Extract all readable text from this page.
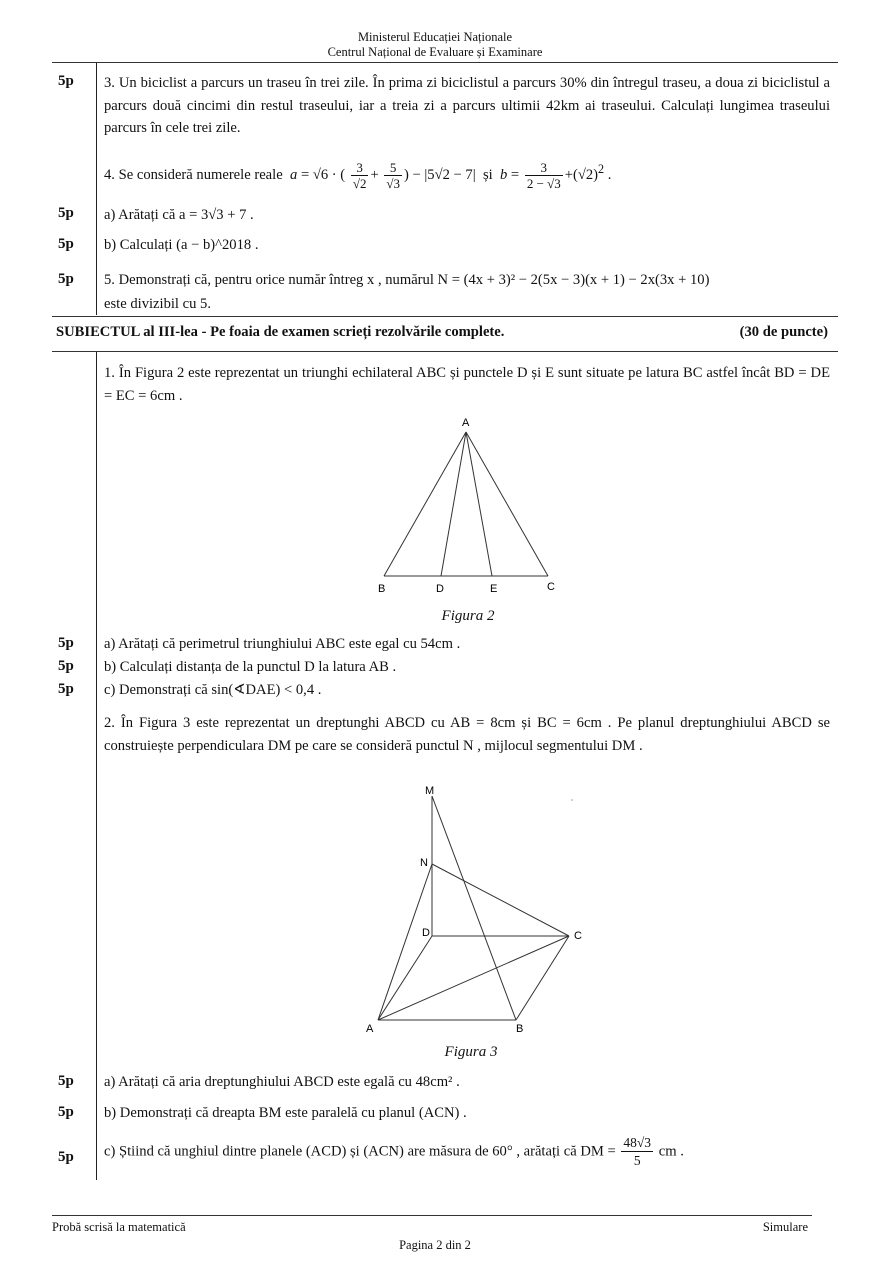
Ministerul Educației Naționale
Centrul Național de Evaluare și Examinare
5p	3. Un biciclist a parcurs un traseu în trei zile. În prima zi biciclistul a parcurs 30% din întregul traseu, a doua zi biciclistul a parcurs două cincimi din restul traseului, iar a treia zi a parcurs ultimii 42km ai traseului. Calculați lungimea traseului parcurs în cele trei zile.
4. Se consideră numerele reale a = √6 · ( $\frac{3}{√2} + \frac{5}{√3}$ ) − |5√2 − 7|  și $b = \frac{3}{2 - √3} +(√2)^2$ .
5p	a) Arătați că a = 3√3 + 7 .
5p	b) Calculați (a − b)^2018 .
5p	5. Demonstrați că, pentru orice număr întreg x , numărul N = (4x + 3)² − 2(5x − 3)(x + 1) − 2x(3x + 10)
este divizibil cu 5.
SUBIECTUL al III-lea - Pe foaia de examen scrieți rezolvările complete.	(30 de puncte)
1. În Figura 2 este reprezentat un triunghi echilateral ABC și punctele D și E sunt situate pe latura BC astfel încât BD = DE = EC = 6cm .
A
B	D	E	C
Figura 2
5p	a) Arătați că perimetrul triunghiului ABC este egal cu 54cm .
5p	b) Calculați distanța de la punctul D la latura AB .
5p	c) Demonstrați că sin(∢DAE) < 0,4 .
2. În Figura 3 este reprezentat un dreptunghi ABCD cu AB = 8cm și BC = 6cm . Pe planul dreptunghiului ABCD se construiește perpendiculara DM pe care se consideră punctul N , mijlocul segmentului DM .
M
N
D	C
A	B
Figura 3
5p	a) Arătați că aria dreptunghiului ABCD este egală cu 48cm² .
5p	b) Demonstrați că dreapta BM este paralelă cu planul (ACN) .
5p	c) Știind că unghiul dintre planele (ACD) și (ACN) are măsura de 60° , arătați că DM = $\frac{48√3}{5}$ cm .
Probă scrisă la matematică	Simulare
Pagina 2 din 2
